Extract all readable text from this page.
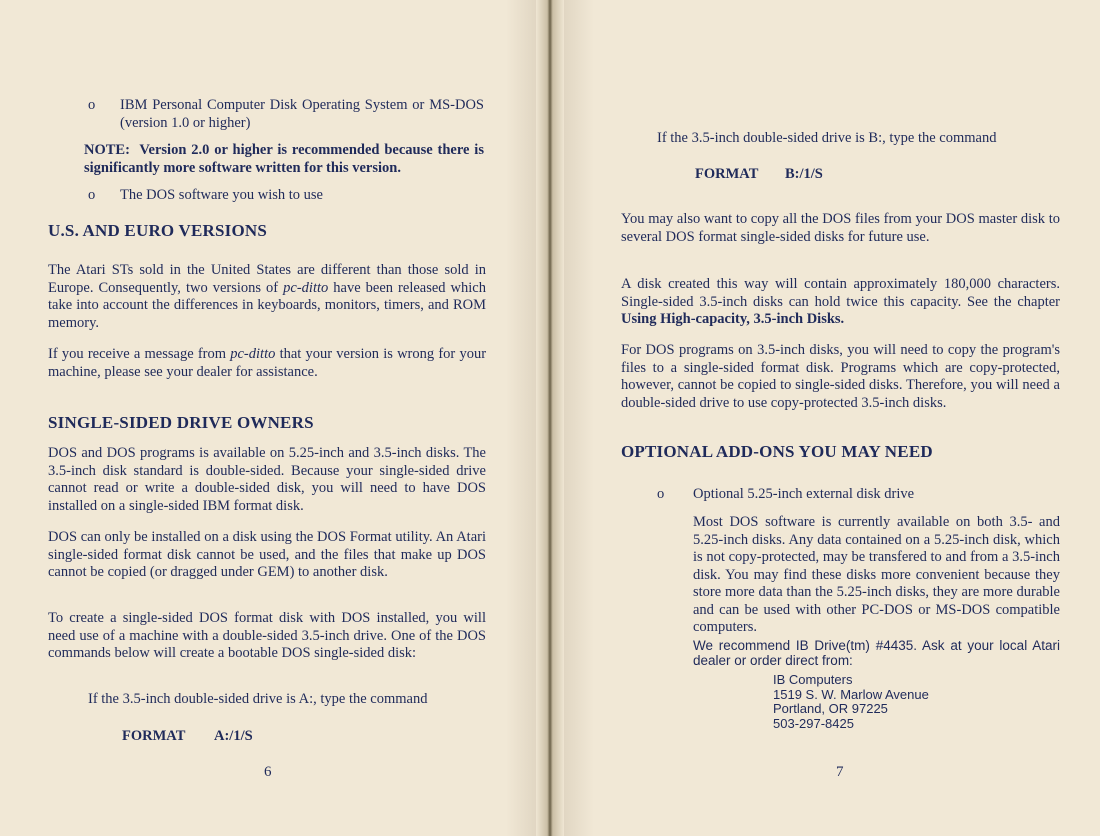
o IBM Personal Computer Disk Operating System or MS-DOS (version 1.0 or higher)
NOTE: Version 2.0 or higher is recommended because there is significantly more software written for this version.
o The DOS software you wish to use
U.S. AND EURO VERSIONS
The Atari STs sold in the United States are different than those sold in Europe. Consequently, two versions of pc-ditto have been released which take into account the differences in keyboards, monitors, timers, and ROM memory.
If you receive a message from pc-ditto that your version is wrong for your machine, please see your dealer for assistance.
SINGLE-SIDED DRIVE OWNERS
DOS and DOS programs is available on 5.25-inch and 3.5-inch disks. The 3.5-inch disk standard is double-sided. Because your single-sided drive cannot read or write a double-sided disk, you will need to have DOS installed on a single-sided IBM format disk.
DOS can only be installed on a disk using the DOS Format utility. An Atari single-sided format disk cannot be used, and the files that make up DOS cannot be copied (or dragged under GEM) to another disk.
To create a single-sided DOS format disk with DOS installed, you will need use of a machine with a double-sided 3.5-inch drive. One of the DOS commands below will create a bootable DOS single-sided disk:
If the 3.5-inch double-sided drive is A:, type the command
FORMAT A:/1/S
6
If the 3.5-inch double-sided drive is B:, type the command
FORMAT B:/1/S
You may also want to copy all the DOS files from your DOS master disk to several DOS format single-sided disks for future use.
A disk created this way will contain approximately 180,000 characters. Single-sided 3.5-inch disks can hold twice this capacity. See the chapter Using High-capacity, 3.5-inch Disks.
For DOS programs on 3.5-inch disks, you will need to copy the program's files to a single-sided format disk. Programs which are copy-protected, however, cannot be copied to single-sided disks. Therefore, you will need a double-sided drive to use copy-protected 3.5-inch disks.
OPTIONAL ADD-ONS YOU MAY NEED
o Optional 5.25-inch external disk drive
Most DOS software is currently available on both 3.5- and 5.25-inch disks. Any data contained on a 5.25-inch disk, which is not copy-protected, may be transfered to and from a 3.5-inch disk. You may find these disks more convenient because they store more data than the 5.25-inch disks, they are more durable and can be used with other PC-DOS or MS-DOS compatible computers.
We recommend IB Drive(tm) #4435. Ask at your local Atari dealer or order direct from:
IB Computers
1519 S. W. Marlow Avenue
Portland, OR 97225
503-297-8425
7
